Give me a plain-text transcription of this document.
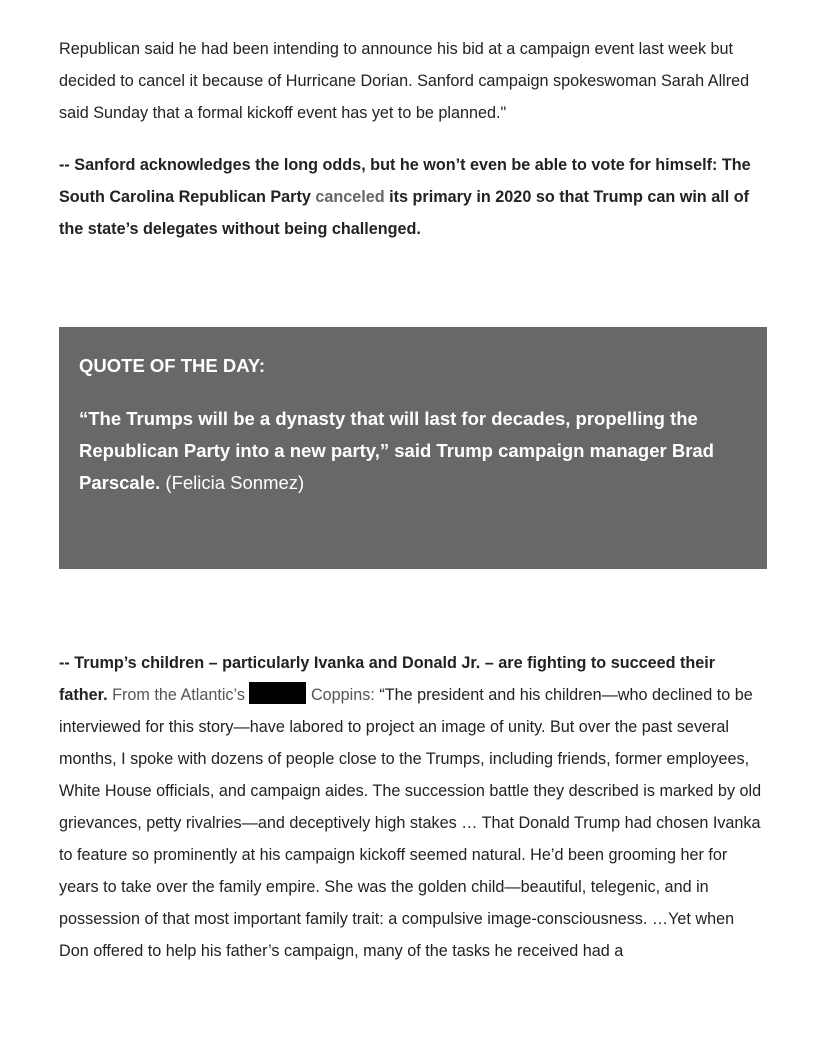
Republican said he had been intending to announce his bid at a campaign event last week but decided to cancel it because of Hurricane Dorian. Sanford campaign spokeswoman Sarah Allred said Sunday that a formal kickoff event has yet to be planned."

-- Sanford acknowledges the long odds, but he won’t even be able to vote for himself: The South Carolina Republican Party canceled its primary in 2020 so that Trump can win all of the state’s delegates without being challenged.

QUOTE OF THE DAY:
“The Trumps will be a dynasty that will last for decades, propelling the Republican Party into a new party,” said Trump campaign manager Brad Parscale. (Felicia Sonmez)

-- Trump’s children – particularly Ivanka and Donald Jr. – are fighting to succeed their father. From the Atlantic’s	Coppins: “The president and his children—who declined to be interviewed for this story—have labored to project an image of unity. But over the past several months, I spoke with dozens of people close to the Trumps, including friends, former employees, White House officials, and campaign aides. The succession battle they described is marked by old grievances, petty rivalries—and deceptively high stakes … That Donald Trump had chosen Ivanka to feature so prominently at his campaign kickoff seemed natural. He’d been grooming her for years to take over the family empire. She was the golden child—beautiful, telegenic, and in possession of that most important family trait: a compulsive image-consciousness. …Yet when Don offered to help his father’s campaign, many of the tasks he received had a
